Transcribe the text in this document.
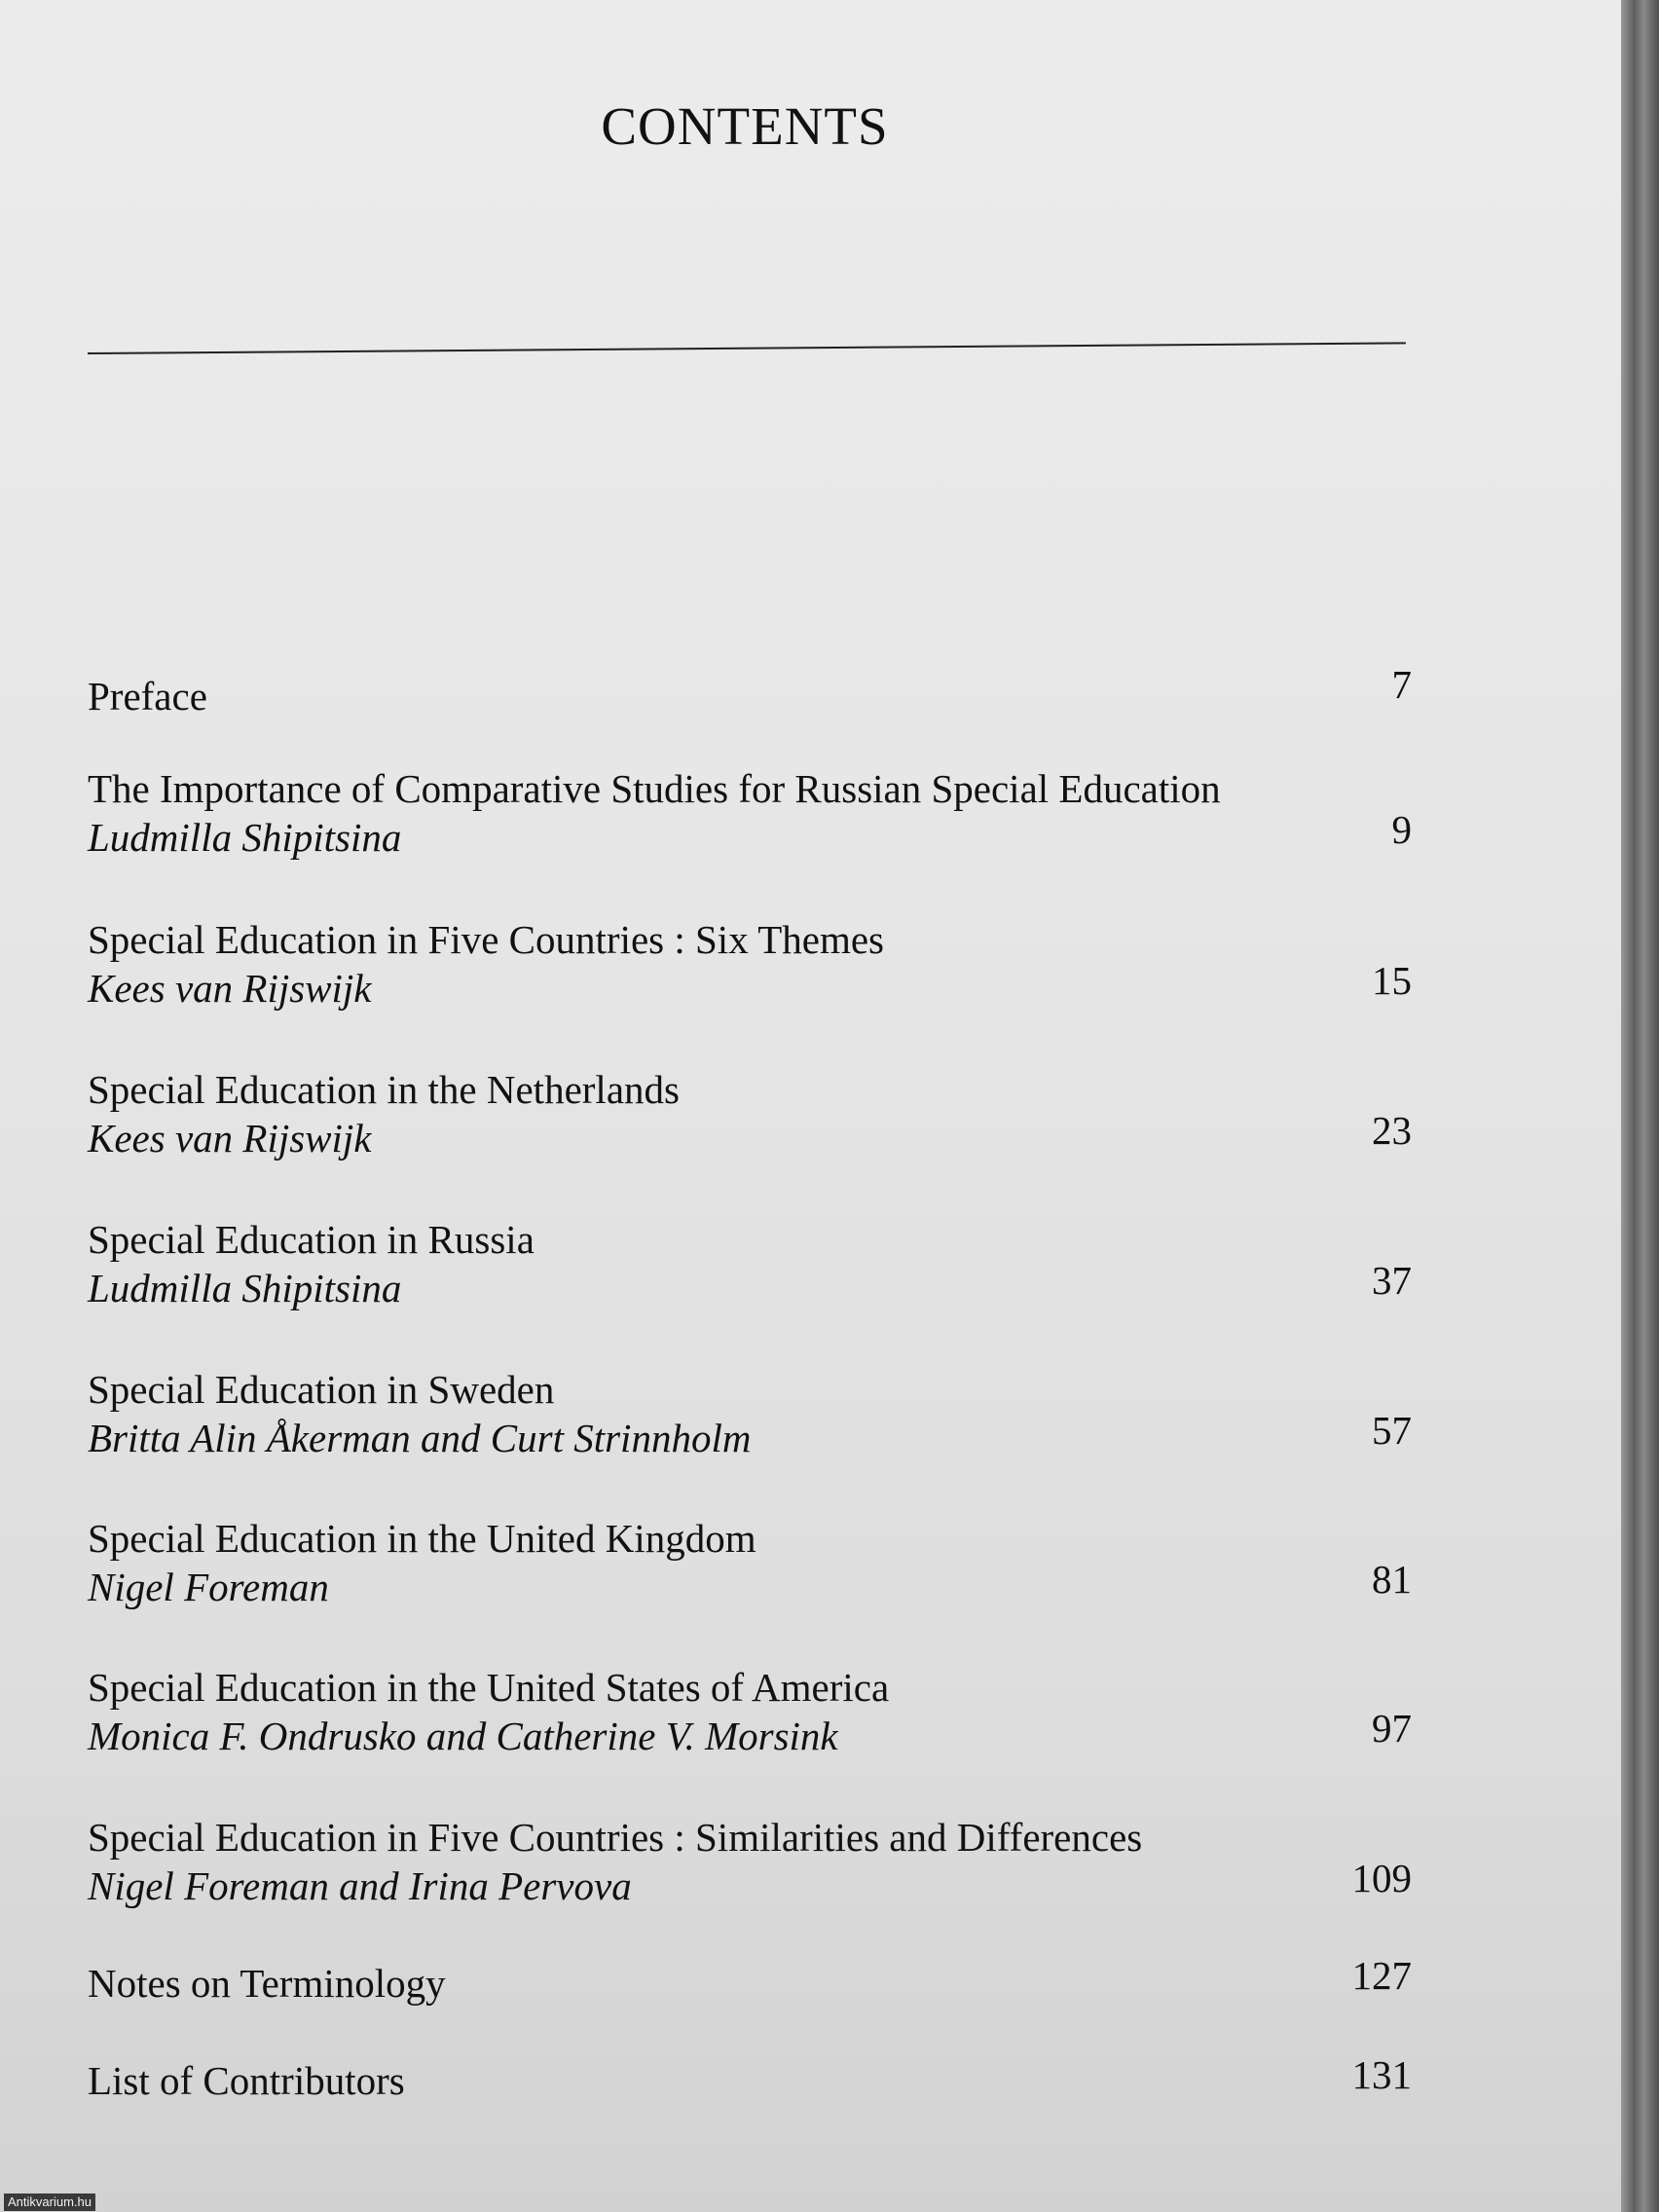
CONTENTS
Preface	7
The Importance of Comparative Studies for Russian Special Education
Ludmilla Shipitsina	9
Special Education in Five Countries : Six Themes
Kees van Rijswijk	15
Special Education in the Netherlands
Kees van Rijswijk	23
Special Education in Russia
Ludmilla Shipitsina	37
Special Education in Sweden
Britta Alin Åkerman and Curt Strinnholm	57
Special Education in the United Kingdom
Nigel Foreman	81
Special Education in the United States of America
Monica F. Ondrusko and Catherine V. Morsink	97
Special Education in Five Countries : Similarities and Differences
Nigel Foreman and Irina Pervova	109
Notes on Terminology	127
List of Contributors	131
Antikvarium.hu
